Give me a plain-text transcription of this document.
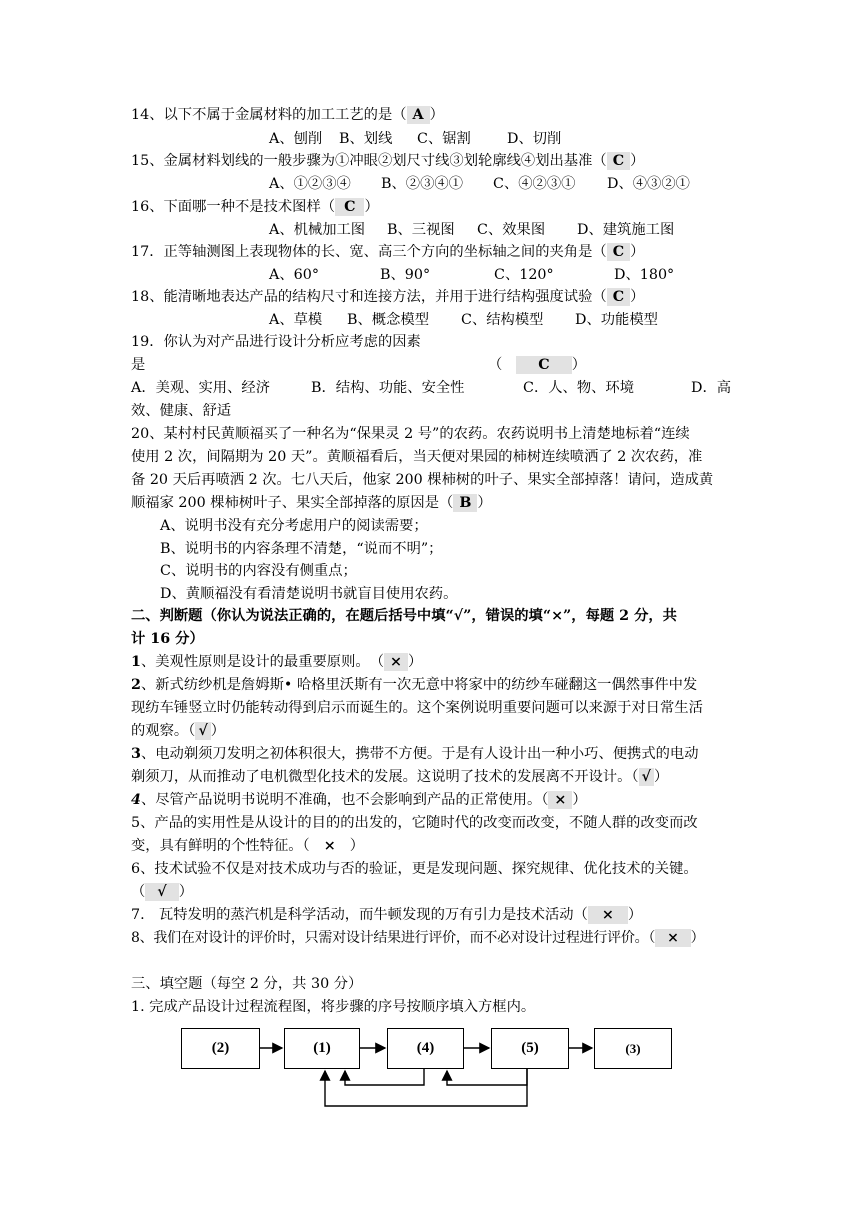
14、以下不属于金属材料的加工工艺的是（ A ）
A、刨削 B、划线 C、锯割	D、切削
15、金属材料划线的一般步骤为①冲眼②划尺寸线③划轮廓线④划出基准（ C ）
A、①②③④ B、②③④① C、④②③① D、④③②①
16、下面哪一种不是技术图样（ C ）
A、机械加工图 B、三视图 C、效果图 D、建筑施工图
17．正等轴测图上表现物体的长、宽、高三个方向的坐标轴之间的夹角是（ C ）
A、60°	B、90°	C、120°	D、180°
18、能清晰地表达产品的结构尺寸和连接方法，并用于进行结构强度试验（ C ）
A、草模 B、概念模型 C、结构模型 D、功能模型
19．你认为对产品进行设计分析应考虑的因素
是	（	C ）
A．美观、实用、经济	B．结构、功能、安全性	C．人、物、环境	D．高
效、健康、舒适
20、某村村民黄顺福买了一种名为“保果灵 2 号”的农药。农药说明书上清楚地标着“连续
使用 2 次，间隔期为 20 天”。黄顺福看后，当天便对果园的柿树连续喷洒了 2 次农药，准
备 20 天后再喷洒 2 次。七八天后，他家 200 棵柿树的叶子、果实全部掉落！请问，造成黄
顺福家 200 棵柿树叶子、果实全部掉落的原因是（ B ）
A、说明书没有充分考虑用户的阅读需要；
B、说明书的内容条理不清楚，“说而不明”；
C、说明书的内容没有侧重点；
D、黄顺福没有看清楚说明书就盲目使用农药。
二、判断题（你认为说法正确的，在题后括号中填“√”，错误的填“×”，每题 2 分，共
计 16 分）
1、美观性原则是设计的最重要原则。　（ × ）
2、新式纺纱机是詹姆斯• 哈格里沃斯有一次无意中将家中的纺纱车碰翻这一偶然事件中发
现纺车锤竖立时仍能转动得到启示而诞生的。这个案例说明重要问题可以来源于对日常生活
的观察。（ √ ）
3、电动剃须刀发明之初体积很大，携带不方便。于是有人设计出一种小巧、便携式的电动
剃须刀，从而推动了电机微型化技术的发展。这说明了技术的发展离不开设计。（ √ ）
4、尽管产品说明书说明不准确，也不会影响到产品的正常使用。（ × ）
5、产品的实用性是从设计的目的的出发的，它随时代的改变而改变，不随人群的改变而改
变，具有鲜明的个性特征。（ × ）
6、技术试验不仅是对技术成功与否的验证，更是发现问题、探究规律、优化技术的关键。
（ √ ）
7.　瓦特发明的蒸汽机是科学活动，而牛顿发现的万有引力是技术活动（ × ）
8、我们在对设计的评价时，只需对设计结果进行评价，而不必对设计过程进行评价。（ × ）
三、填空题（每空 2 分，共 30 分）
1. 完成产品设计过程流程图，将步骤的序号按顺序填入方框内。
(2)	(1)	(4)	(5)	(3)
